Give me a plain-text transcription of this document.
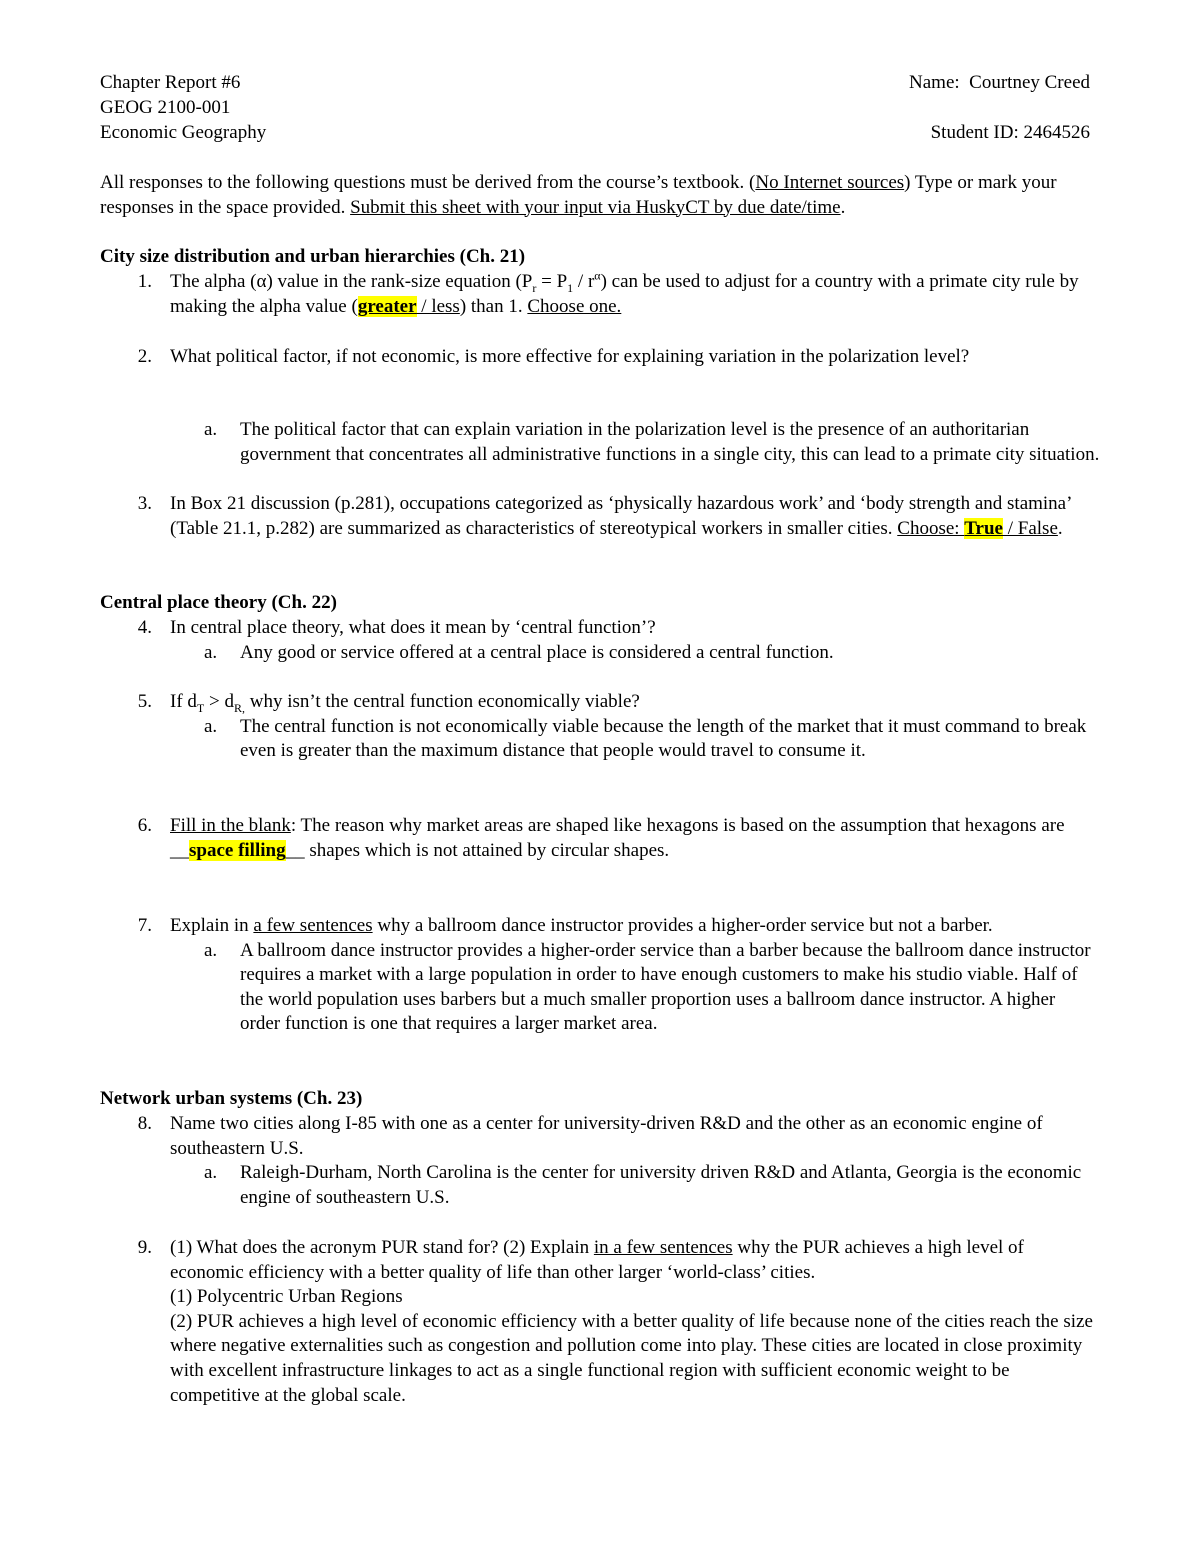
Chapter Report #6	Name: Courtney Creed
GEOG 2100-001
Economic Geography	Student ID: 2464526

All responses to the following questions must be derived from the course’s textbook. (No Internet sources) Type or mark your responses in the space provided. Submit this sheet with your input via HuskyCT by due date/time.

City size distribution and urban hierarchies (Ch. 21)
1. The alpha (α) value in the rank-size equation $(P_r = P_1 / r^\alpha)$ can be used to adjust for a country with a primate city rule by making the alpha value (greater / less) than 1. Choose one.

2. What political factor, if not economic, is more effective for explaining variation in the polarization level?

a. The political factor that can explain variation in the polarization level is the presence of an authoritarian government that concentrates all administrative functions in a single city, this can lead to a primate city situation.

3. In Box 21 discussion (p.281), occupations categorized as ‘physically hazardous work’ and ‘body strength and stamina’ (Table 21.1, p.282) are summarized as characteristics of stereotypical workers in smaller cities. Choose: True / False.

Central place theory (Ch. 22)
4. In central place theory, what does it mean by ‘central function’?

a. Any good or service offered at a central place is considered a central function.

5. If $d_T > d_{R,}$ why isn’t the central function economically viable?

a. The central function is not economically viable because the length of the market that it must command to break even is greater than the maximum distance that people would travel to consume it.

6. Fill in the blank: The reason why market areas are shaped like hexagons is based on the assumption that hexagons are __space filling__ shapes which is not attained by circular shapes.

7. Explain in a few sentences why a ballroom dance instructor provides a higher-order service but not a barber.

a. A ballroom dance instructor provides a higher-order service than a barber because the ballroom dance instructor requires a market with a large population in order to have enough customers to make his studio viable. Half of the world population uses barbers but a much smaller proportion uses a ballroom dance instructor. A higher order function is one that requires a larger market area.

Network urban systems (Ch. 23)
8. Name two cities along I-85 with one as a center for university-driven R&D and the other as an economic engine of southeastern U.S.

a. Raleigh-Durham, North Carolina is the center for university driven R&D and Atlanta, Georgia is the economic engine of southeastern U.S.

9. (1) What does the acronym PUR stand for? (2) Explain in a few sentences why the PUR achieves a high level of economic efficiency with a better quality of life than other larger ‘world-class’ cities.

(1) Polycentric Urban Regions

(2) PUR achieves a high level of economic efficiency with a better quality of life because none of the cities reach the size where negative externalities such as congestion and pollution come into play. These cities are located in close proximity with excellent infrastructure linkages to act as a single functional region with sufficient economic weight to be competitive at the global scale.
